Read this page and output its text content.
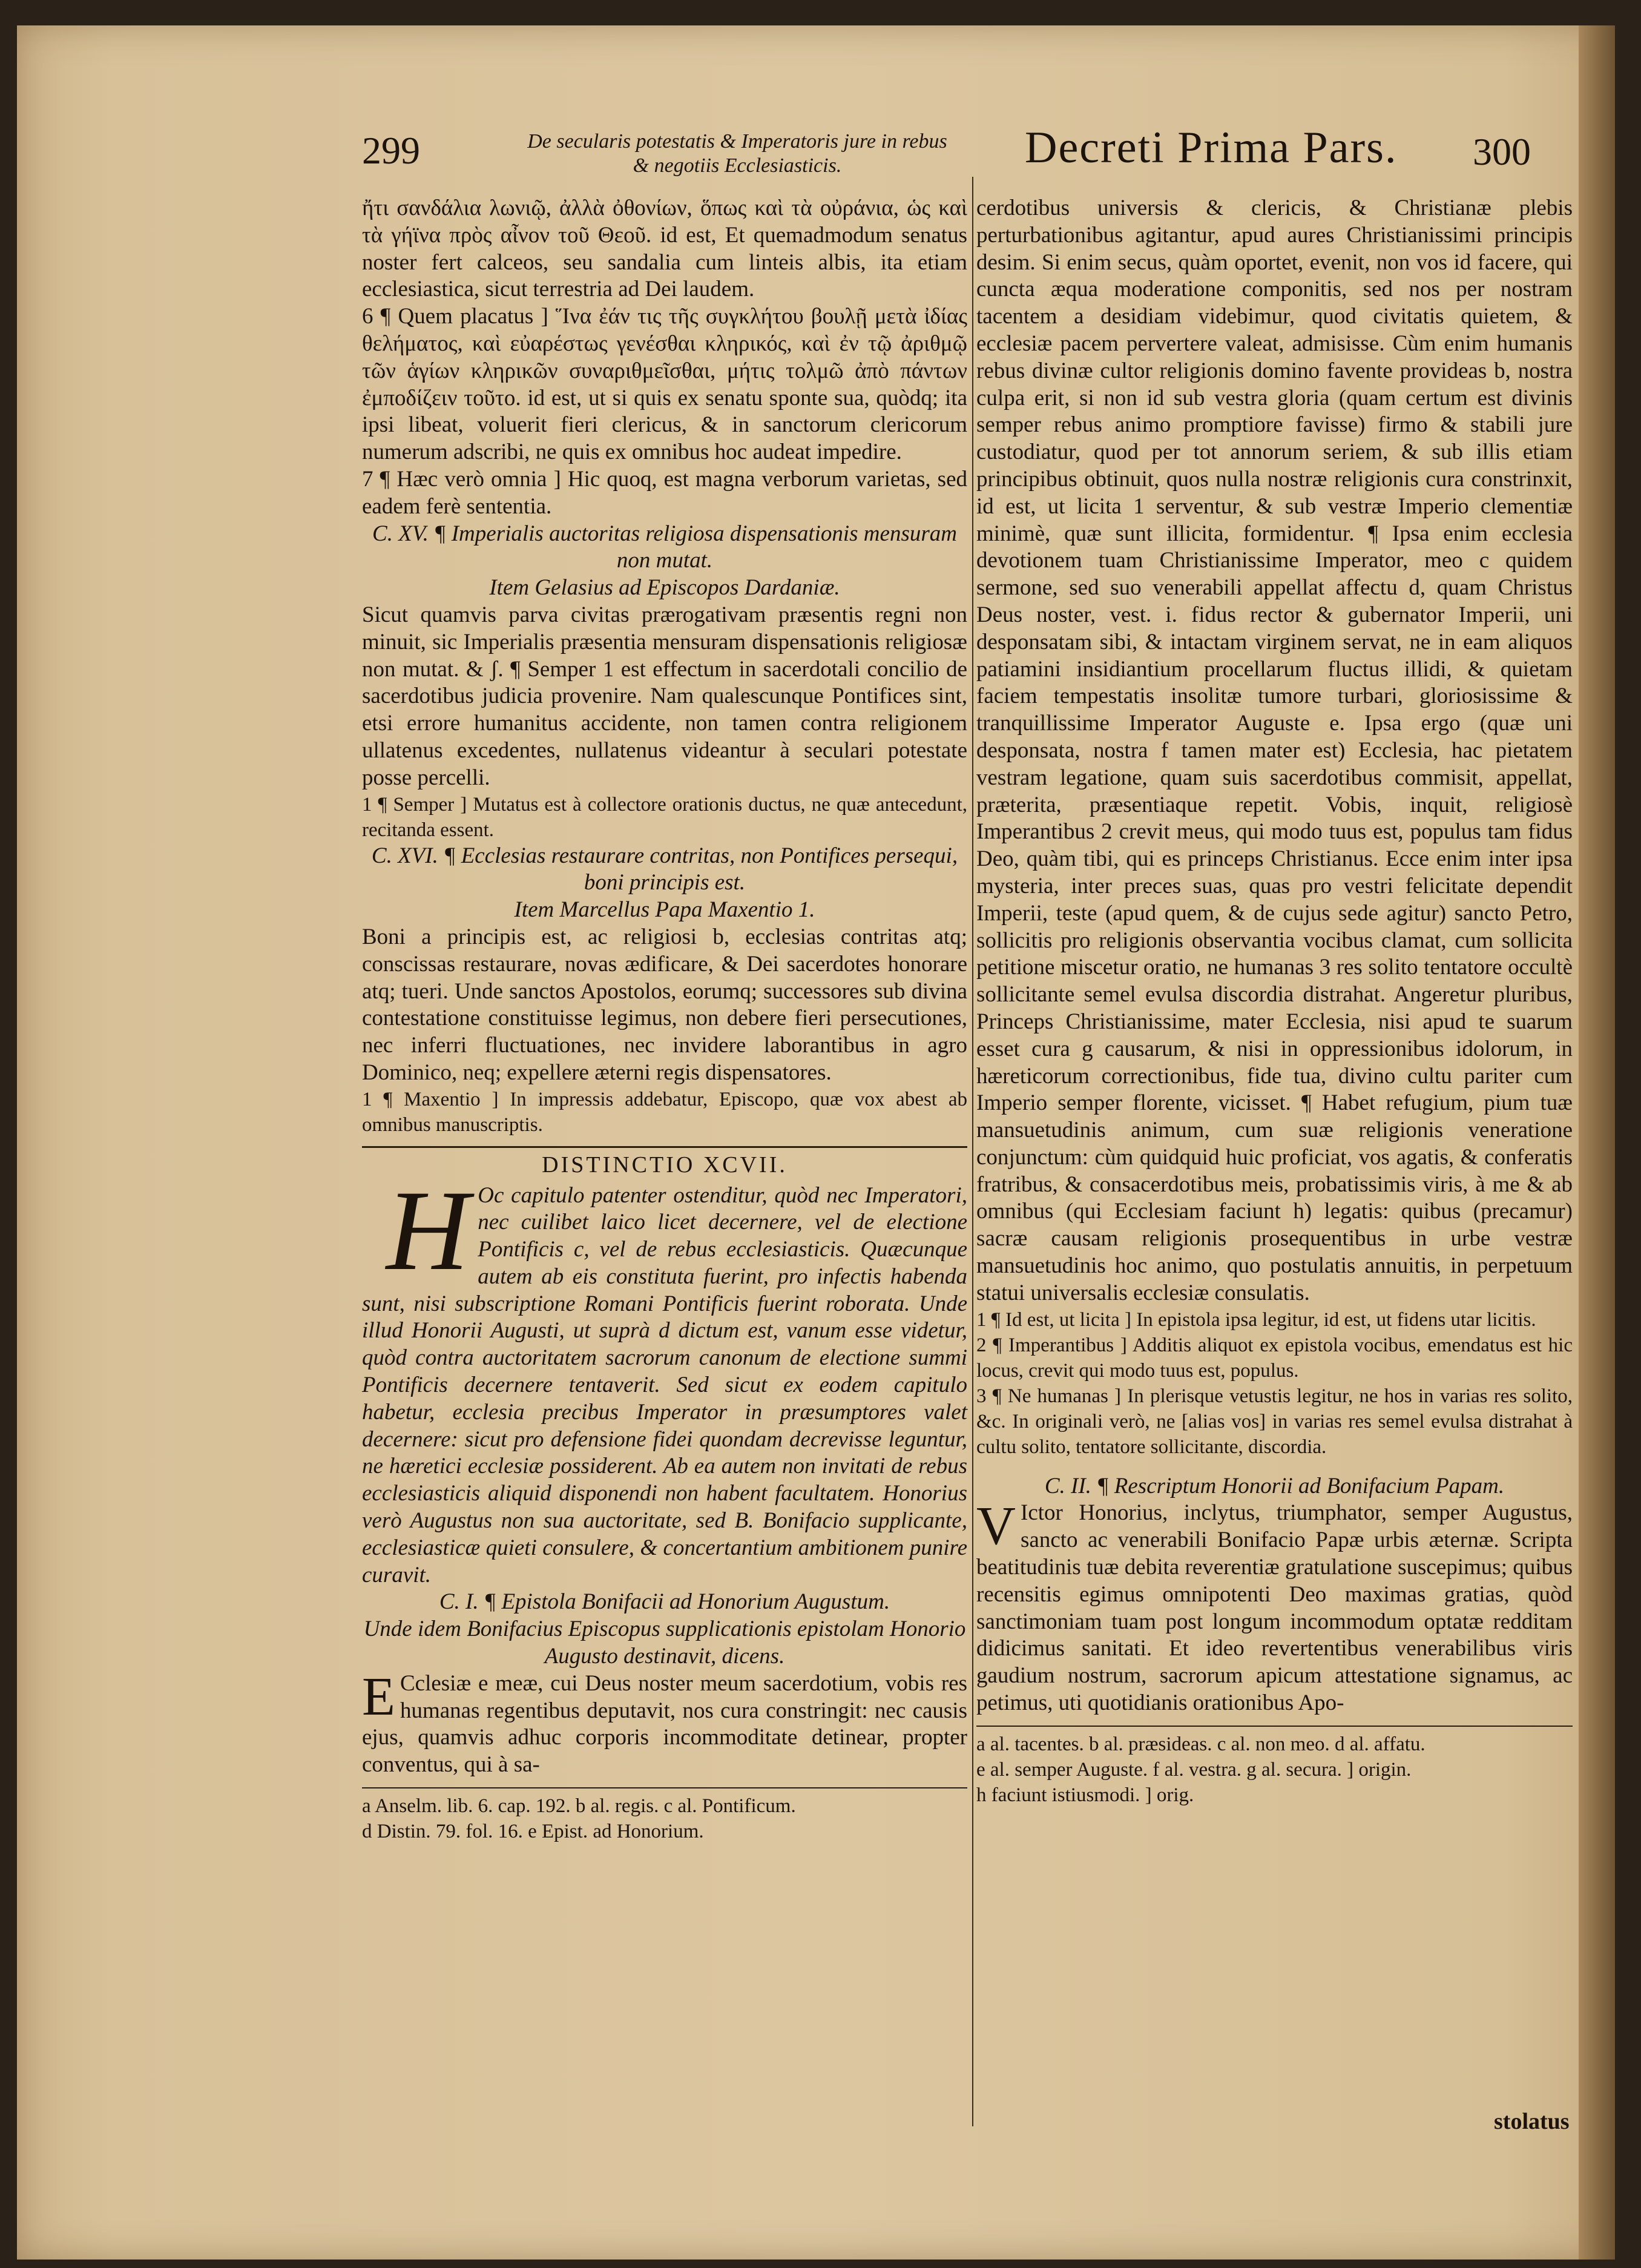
299	De secularis potestatis & Imperatoris jure in rebus & negotiis Ecclesiasticis.	Decreti Prima Pars. 300

ἤτι σανδάλια λωνιῷ, ἀλλὰ ὀθονίων, ὅπως καὶ τὰ οὐράνια, ὡς καὶ τὰ γήϊνα πρὸς αἶνον τοῦ Θεοῦ. id est, Et quemadmodum senatus noster fert calceos, seu sandalia cum linteis albis, ita etiam ecclesiastica, sicut terrestria ad Dei laudem.

6 ¶ Quem placatus ] Ἵνα ἐάν τις τῆς συγκλήτου βουλῇ μετὰ ἰδίας θελήματος, καὶ εὐαρέστως γενέσθαι κληρικός, καὶ ἐν τῷ ἀριθμῷ τῶν ἁγίων κληρικῶν συναριθμεῖσθαι, μήτις τολμῶ ἀπὸ πάντων ἐμποδίζειν τοῦτο. id est, ut si quis ex senatu sponte sua, quòdq; ita ipsi libeat, voluerit fieri clericus, & in sanctorum clericorum numerum adscribi, ne quis ex omnibus hoc audeat impedire.

7 ¶ Hæc verò omnia ] Hic quoq, est magna verborum varietas, sed eadem ferè sententia.

C. XV. ¶ Imperialis auctoritas religiosa dispensationis mensuram non mutat.

Item Gelasius ad Episcopos Dardaniæ.

Sicut quamvis parva civitas prærogativam præsentis regni non minuit, sic Imperialis præsentia mensuram dispensationis religiosæ non mutat. & ʃ. ¶ Semper 1 est effectum in sacerdotali concilio de sacerdotibus judicia provenire. Nam qualescunque Pontifices sint, etsi errore humanitus accidente, non tamen contra religionem ullatenus excedentes, nullatenus videantur à seculari potestate posse percelli.

1 ¶ Semper ] Mutatus est à collectore orationis ductus, ne quæ antecedunt, recitanda essent.

C. XVI. ¶ Ecclesias restaurare contritas, non Pontifices persequi, boni principis est.

Item Marcellus Papa Maxentio 1.

Boni a principis est, ac religiosi b, ecclesias contritas atq; conscissas restaurare, novas ædificare, & Dei sacerdotes honorare atq; tueri. Unde sanctos Apostolos, eorumq; successores sub divina contestatione constituisse legimus, non debere fieri persecutiones, nec inferri fluctuationes, nec invidere laborantibus in agro Dominico, neq; expellere æterni regis dispensatores.

1 ¶ Maxentio ] In impressis addebatur, Episcopo, quæ vox abest ab omnibus manuscriptis.

DISTINCTIO XCVII.

H Oc capitulo patenter ostenditur, quòd nec Imperatori, nec cuilibet laico licet decernere, vel de electione Pontificis c, vel de rebus ecclesiasticis. Quæcunque autem ab eis constituta fuerint, pro infectis habenda sunt, nisi subscriptione Romani Pontificis fuerint roborata. Unde illud Honorii Augusti, ut suprà d dictum est, vanum esse videtur, quòd contra auctoritatem sacrorum canonum de electione summi Pontificis decernere tentaverit. Sed sicut ex eodem capitulo habetur, ecclesia precibus Imperator in præsumptores valet decernere: sicut pro defensione fidei quondam decrevisse leguntur, ne hæretici ecclesiæ possiderent. Ab ea autem non invitati de rebus ecclesiasticis aliquid disponendi non habent facultatem. Honorius verò Augustus non sua auctoritate, sed B. Bonifacio supplicante, ecclesiasticæ quieti consulere, & concertantium ambitionem punire curavit.

C. I. ¶ Epistola Bonifacii ad Honorium Augustum.

Unde idem Bonifacius Episcopus supplicationis epistolam Honorio Augusto destinavit, dicens.

E Cclesiæ e meæ, cui Deus noster meum sacerdotium, vobis res humanas regentibus deputavit, nos cura constringit: nec causis ejus, quamvis adhuc corporis incommoditate detinear, propter conventus, qui à sa-

a Anselm. lib. 6. cap. 192. b al. regis. c al. Pontificum.

d Distin. 79. fol. 16. e Epist. ad Honorium.

cerdotibus universis & clericis, & Christianæ plebis perturbationibus agitantur, apud aures Christianissimi principis desim. Si enim secus, quàm oportet, evenit, non vos id facere, qui cuncta æqua moderatione componitis, sed nos per nostram tacentem a desidiam videbimur, quod civitatis quietem, & ecclesiæ pacem pervertere valeat, admisisse. Cùm enim humanis rebus divinæ cultor religionis domino favente provideas b, nostra culpa erit, si non id sub vestra gloria (quam certum est divinis semper rebus animo promptiore favisse) firmo & stabili jure custodiatur, quod per tot annorum seriem, & sub illis etiam principibus obtinuit, quos nulla nostræ religionis cura constrinxit, id est, ut licita 1 serventur, & sub vestræ Imperio clementiæ minimè, quæ sunt illicita, formidentur. ¶ Ipsa enim ecclesia devotionem tuam Christianissime Imperator, meo c quidem sermone, sed suo venerabili appellat affectu d, quam Christus Deus noster, vest. i. fidus rector & gubernator Imperii, uni desponsatam sibi, & intactam virginem servat, ne in eam aliquos patiamini insidiantium procellarum fluctus illidi, & quietam faciem tempestatis insolitæ tumore turbari, gloriosissime & tranquillissime Imperator Auguste e. Ipsa ergo (quæ uni desponsata, nostra f tamen mater est) Ecclesia, hac pietatem vestram legatione, quam suis sacerdotibus commisit, appellat, præterita, præsentiaque repetit. Vobis, inquit, religiosè Imperantibus 2 crevit meus, qui modo tuus est, populus tam fidus Deo, quàm tibi, qui es princeps Christianus. Ecce enim inter ipsa mysteria, inter preces suas, quas pro vestri felicitate dependit Imperii, teste (apud quem, & de cujus sede agitur) sancto Petro, sollicitis pro religionis observantia vocibus clamat, cum sollicita petitione miscetur oratio, ne humanas 3 res solito tentatore occultè sollicitante semel evulsa discordia distrahat. Angeretur pluribus, Princeps Christianissime, mater Ecclesia, nisi apud te suarum esset cura g causarum, & nisi in oppressionibus idolorum, in hæreticorum correctionibus, fide tua, divino cultu pariter cum Imperio semper florente, vicisset. ¶ Habet refugium, pium tuæ mansuetudinis animum, cum suæ religionis veneratione conjunctum: cùm quidquid huic proficiat, vos agatis, & conferatis fratribus, & consacerdotibus meis, probatissimis viris, à me & ab omnibus (qui Ecclesiam faciunt h) legatis: quibus (precamur) sacræ causam religionis prosequentibus in urbe vestræ mansuetudinis hoc animo, quo postulatis annuitis, in perpetuum statui universalis ecclesiæ consulatis.

1 ¶ Id est, ut licita ] In epistola ipsa legitur, id est, ut fidens utar licitis.

2 ¶ Imperantibus ] Additis aliquot ex epistola vocibus, emendatus est hic locus, crevit qui modo tuus est, populus.

3 ¶ Ne humanas ] In plerisque vetustis legitur, ne hos in varias res solito, &c. In originali verò, ne [alias vos] in varias res semel evulsa distrahat à cultu solito, tentatore sollicitante, discordia.

C. II. ¶ Rescriptum Honorii ad Bonifacium Papam.

V Ictor Honorius, inclytus, triumphator, semper Augustus, sancto ac venerabili Bonifacio Papæ urbis æternæ. Scripta beatitudinis tuæ debita reverentiæ gratulatione suscepimus; quibus recensitis egimus omnipotenti Deo maximas gratias, quòd sanctimoniam tuam post longum incommodum optatæ redditam didicimus sanitati. Et ideo revertentibus venerabilibus viris gaudium nostrum, sacrorum apicum attestatione signamus, ac petimus, uti quotidianis orationibus Apo-

a al. tacentes. b al. præsideas. c al. non meo. d al. affatu.

e al. semper Auguste. f al. vestra. g al. secura. ] origin.

h faciunt istiusmodi. ] orig.

stolatus
